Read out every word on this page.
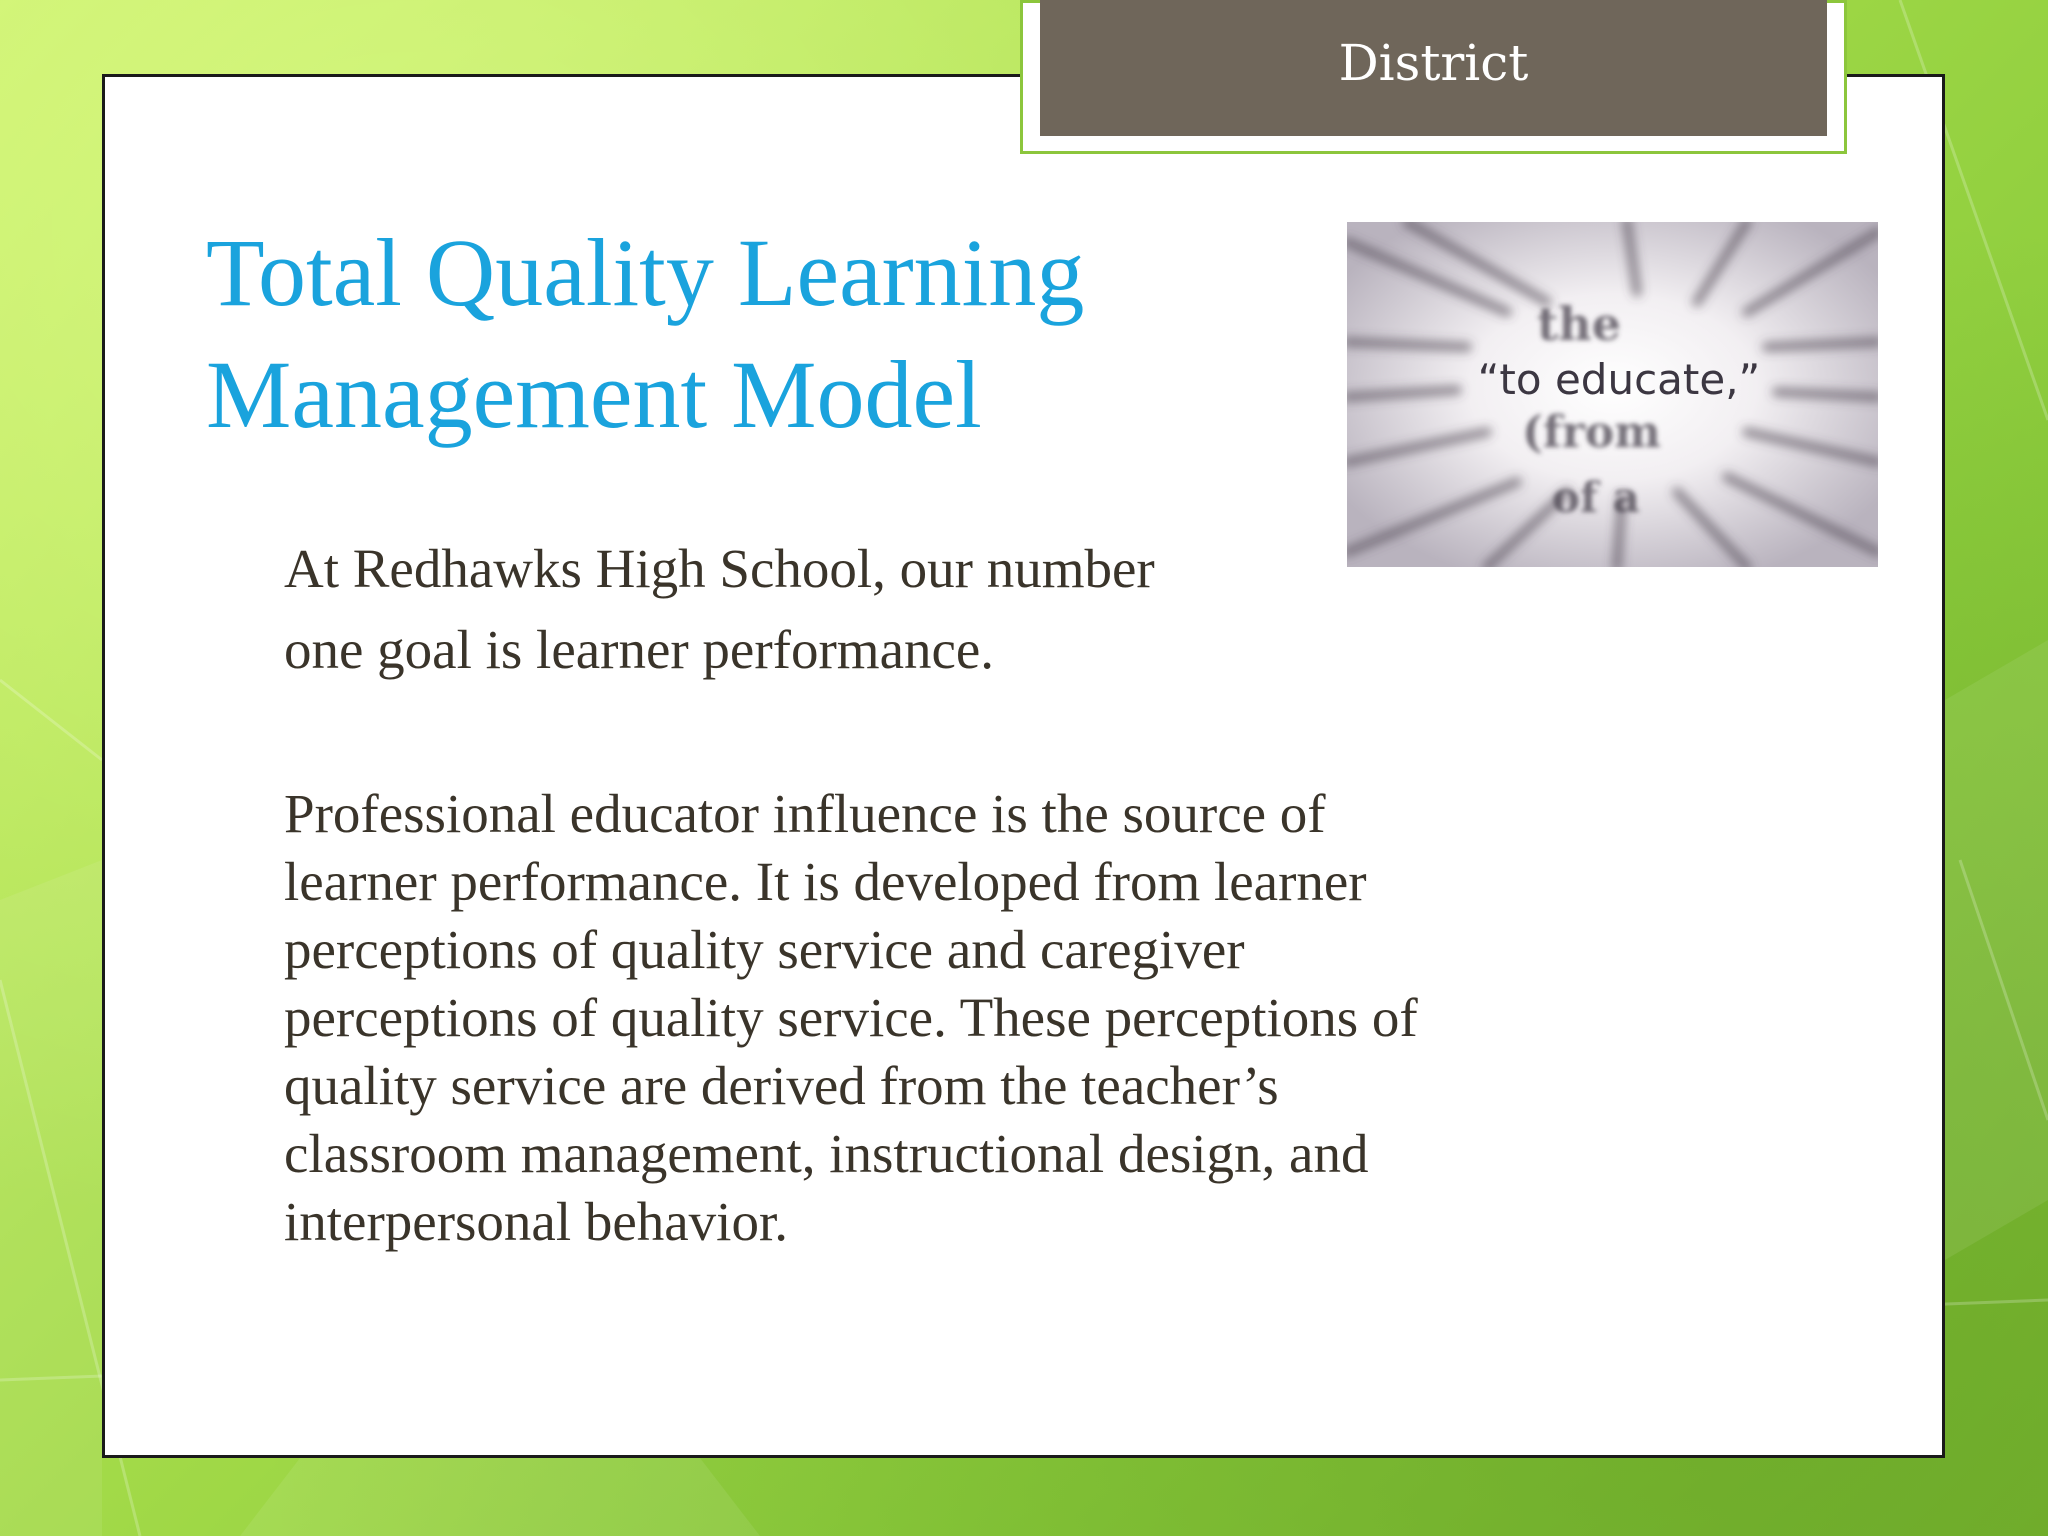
District
Total Quality Learning
Management Model

At Redhawks High School, our number
one goal is learner performance.

Professional educator influence is the source of
learner performance. It is developed from learner
perceptions of quality service and caregiver
perceptions of quality service. These perceptions of
quality service are derived from the teacher’s
classroom management, instructional design, and
interpersonal behavior.

the
(from
of a
“to educate,”
